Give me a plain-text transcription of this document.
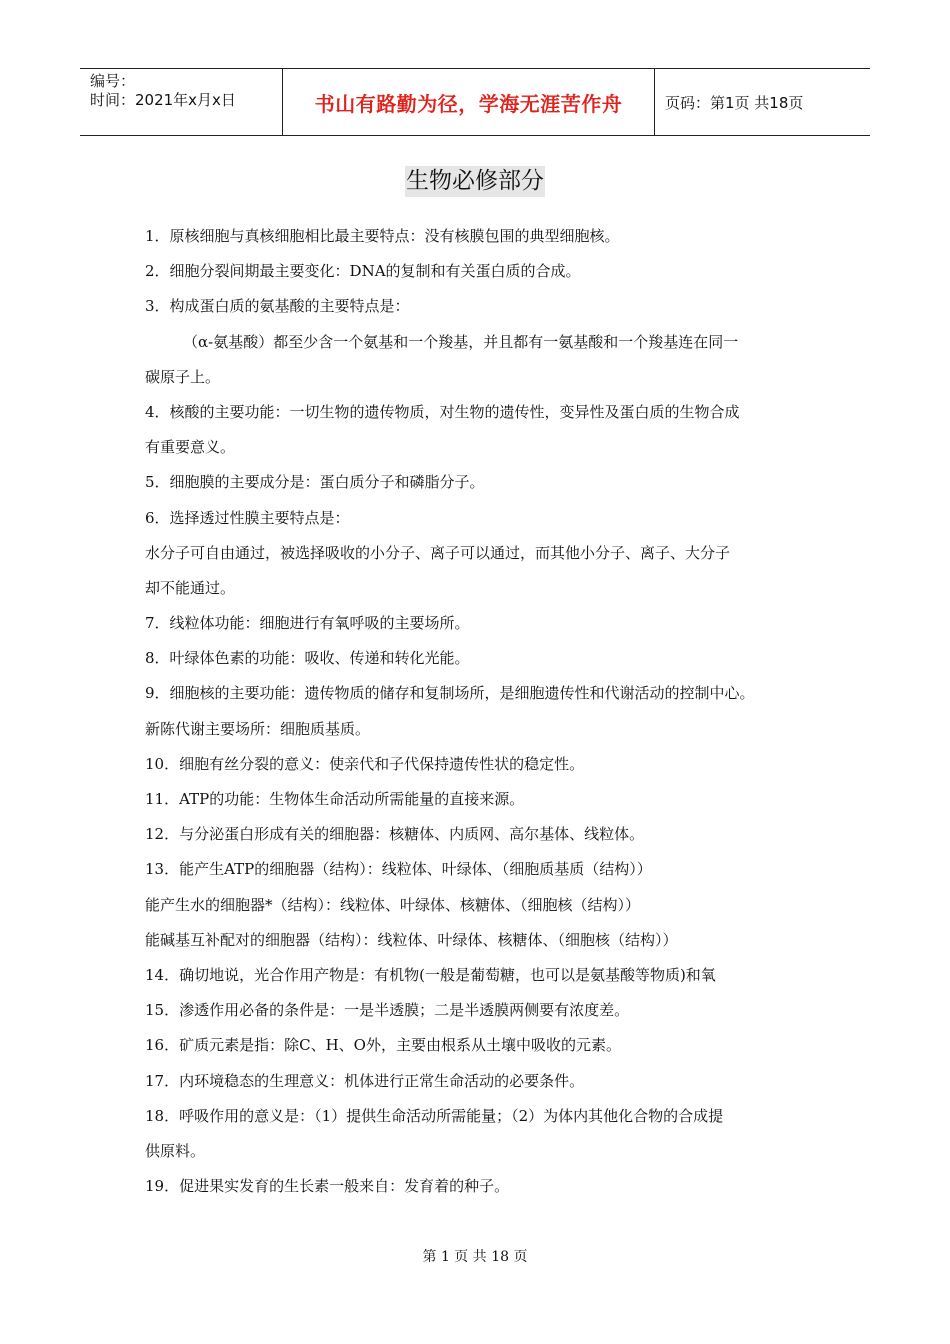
编号：
时间：2021年x月x日	书山有路勤为径，学海无涯苦作舟	页码：第1页 共18页
生物必修部分
1．原核细胞与真核细胞相比最主要特点：没有核膜包围的典型细胞核。
2．细胞分裂间期最主要变化：DNA的复制和有关蛋白质的合成。
3．构成蛋白质的氨基酸的主要特点是：
（α-氨基酸）都至少含一个氨基和一个羧基，并且都有一氨基酸和一个羧基连在同一
碳原子上。
4．核酸的主要功能：一切生物的遗传物质，对生物的遗传性，变异性及蛋白质的生物合成
有重要意义。
5．细胞膜的主要成分是：蛋白质分子和磷脂分子。
6．选择透过性膜主要特点是：
水分子可自由通过，被选择吸收的小分子、离子可以通过，而其他小分子、离子、大分子
却不能通过。
7．线粒体功能：细胞进行有氧呼吸的主要场所。
8．叶绿体色素的功能：吸收、传递和转化光能。
9．细胞核的主要功能：遗传物质的储存和复制场所，是细胞遗传性和代谢活动的控制中心。
新陈代谢主要场所：细胞质基质。
10．细胞有丝分裂的意义：使亲代和子代保持遗传性状的稳定性。
11．ATP的功能：生物体生命活动所需能量的直接来源。
12．与分泌蛋白形成有关的细胞器：核糖体、内质网、高尔基体、线粒体。
13．能产生ATP的细胞器（结构）：线粒体、叶绿体、（细胞质基质（结构））
能产生水的细胞器*（结构）：线粒体、叶绿体、核糖体、（细胞核（结构））
能碱基互补配对的细胞器（结构）：线粒体、叶绿体、核糖体、（细胞核（结构））
14．确切地说，光合作用产物是：有机物(一般是葡萄糖，也可以是氨基酸等物质)和氧
15．渗透作用必备的条件是：一是半透膜；二是半透膜两侧要有浓度差。
16．矿质元素是指：除C、H、O外，主要由根系从土壤中吸收的元素。
17．内环境稳态的生理意义：机体进行正常生命活动的必要条件。
18．呼吸作用的意义是：（1）提供生命活动所需能量；（2）为体内其他化合物的合成提
供原料。
19．促进果实发育的生长素一般来自：发育着的种子。
第 1 页 共 18 页
